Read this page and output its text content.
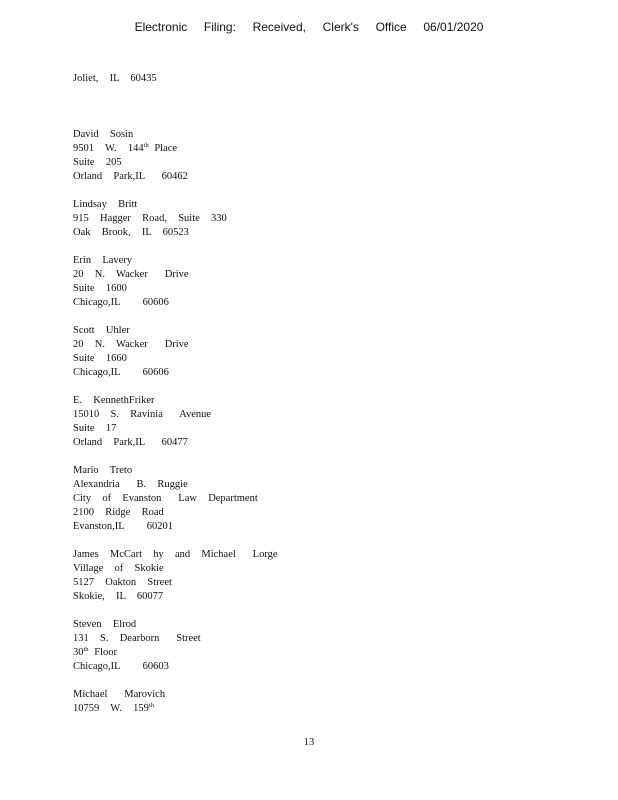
Electronic  Filing:  Received,  Clerk's  Office  06/01/2020
Joliet,  IL  60435
David  Sosin
9501  W.  144th Place
Suite  205
Orland  Park,IL   60462
Lindsay  Britt
915  Hagger  Road,  Suite  330
Oak  Brook,  IL  60523
Erin  Lavery
20  N.  Wacker   Drive
Suite  1600
Chicago,IL    60606
Scott  Uhler
20  N.  Wacker   Drive
Suite  1660
Chicago,IL    60606
E.  KennethFriker
15010  S.  Ravinia   Avenue
Suite  17
Orland  Park,IL   60477
Mario  Treto
Alexandria   B.  Ruggie
City  of  Evanston   Law  Department
2100  Ridge  Road
Evanston,IL    60201
James  McCart  hy  and  Michael   Lorge
Village  of  Skokie
5127  Oakton  Street
Skokie,  IL  60077
Steven  Elrod
131  S.  Dearborn   Street
30th Floor
Chicago,IL    60603
Michael   Marovich
10759  W.  159th
13
